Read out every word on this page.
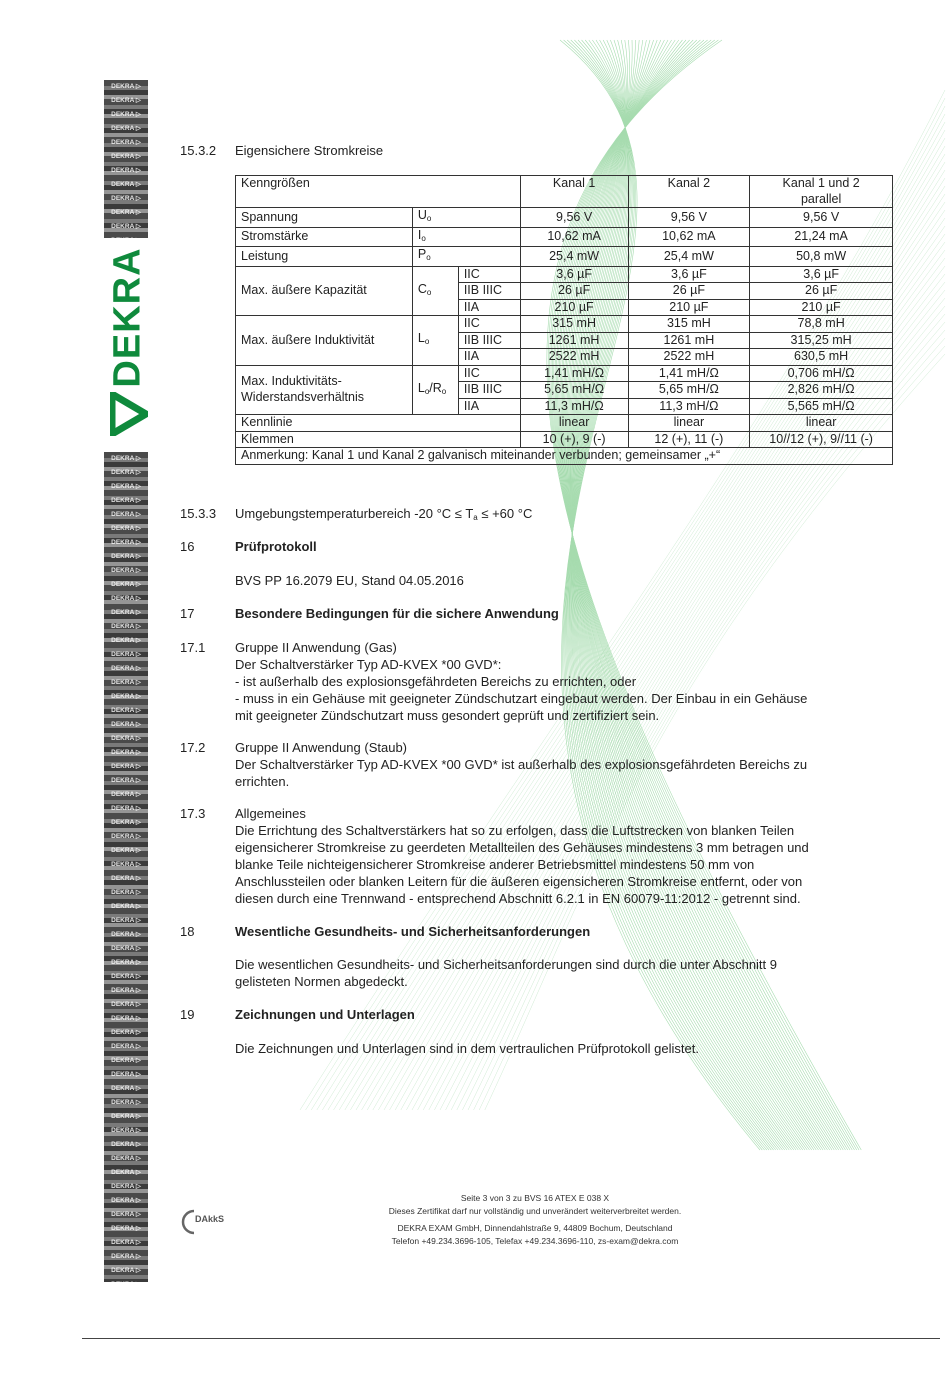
DEKRA ▷ DEKRA ▷ DEKRA ▷ DEKRA ▷ DEKRA ▷ DEKRA ▷ DEKRA ▷ DEKRA ▷ DEKRA ▷ DEKRA ▷ DEKRA ▷
DEKRA
DEKRA ▷ DEKRA ▷ DEKRA ▷ DEKRA ▷ DEKRA ▷ DEKRA ▷ DEKRA ▷ DEKRA ▷ DEKRA ▷ DEKRA ▷ DEKRA ▷ DEKRA ▷ DEKRA ▷ DEKRA ▷ DEKRA ▷ DEKRA ▷ DEKRA ▷ DEKRA ▷ DEKRA ▷ DEKRA ▷ DEKRA ▷ DEKRA ▷ DEKRA ▷ DEKRA ▷ DEKRA ▷ DEKRA ▷ DEKRA ▷ DEKRA ▷ DEKRA ▷ DEKRA ▷ DEKRA ▷ DEKRA ▷ DEKRA ▷ DEKRA ▷ DEKRA ▷ DEKRA ▷ DEKRA ▷ DEKRA ▷ DEKRA ▷ DEKRA ▷ DEKRA ▷ DEKRA ▷ DEKRA ▷ DEKRA ▷ DEKRA ▷ DEKRA ▷ DEKRA ▷ DEKRA ▷ DEKRA ▷ DEKRA ▷ DEKRA ▷ DEKRA ▷ DEKRA ▷ DEKRA ▷ DEKRA ▷ DEKRA ▷ DEKRA ▷ DEKRA ▷ DEKRA ▷
15.3.2 Eigensichere Stromkreise
Kenngrößen			Kanal 1	Kanal 2	Kanal 1 und 2
parallel
Spannung	$U_o$		9,56 V	9,56 V	9,56 V
Stromstärke	$I_o$		10,62 mA	10,62 mA	21,24 mA
Leistung	$P_o$		25,4 mW	25,4 mW	50,8 mW
Max. äußere Kapazität	$C_o$	IIC	3,6 µF	3,6 µF	3,6 µF
		IIB IIIC	26 µF	26 µF	26 µF
		IIA	210 µF	210 µF	210 µF
Max. äußere Induktivität	$L_o$	IIC	315 mH	315 mH	78,8 mH
		IIB IIIC	1261 mH	1261 mH	315,25 mH
		IIA	2522 mH	2522 mH	630,5 mH
Max. Induktivitäts-
Widerstandsverhältnis	$L_o/R_o$	IIC	1,41 mH/Ω	1,41 mH/Ω	0,706 mH/Ω
		IIB IIIC	5,65 mH/Ω	5,65 mH/Ω	2,826 mH/Ω
		IIA	11,3 mH/Ω	11,3 mH/Ω	5,565 mH/Ω
Kennlinie			linear	linear	linear
Klemmen			10 (+), 9 (-)	12 (+), 11 (-)	10//12 (+), 9//11 (-)
Anmerkung: Kanal 1 und Kanal 2 galvanisch miteinander verbunden; gemeinsamer „+“					
15.3.3 Umgebungstemperaturbereich -20 $^\circ C \le T_a \le +60$ °C
16	Prüfprotokoll
BVS PP 16.2079 EU, Stand 04.05.2016
17	Besondere Bedingungen für die sichere Anwendung
17.1 Gruppe II Anwendung (Gas)
Der Schaltverstärker Typ AD-KVEX *00 GVD*:
- ist außerhalb des explosionsgefährdeten Bereichs zu errichten, oder
- muss in ein Gehäuse mit geeigneter Zündschutzart eingebaut werden. Der Einbau in ein Gehäuse
mit geeigneter Zündschutzart muss gesondert geprüft und zertifiziert sein.
17.2 Gruppe II Anwendung (Staub)
Der Schaltverstärker Typ AD-KVEX *00 GVD* ist außerhalb des explosionsgefährdeten Bereichs zu
errichten.
17.3 Allgemeines
Die Errichtung des Schaltverstärkers hat so zu erfolgen, dass die Luftstrecken von blanken Teilen
eigensicherer Stromkreise zu geerdeten Metallteilen des Gehäuses mindestens 3 mm betragen und
blanke Teile nichteigensicherer Stromkreise anderer Betriebsmittel mindestens 50 mm von
Anschlussteilen oder blanken Leitern für die äußeren eigensicheren Stromkreise entfernt, oder von
diesen durch eine Trennwand - entsprechend Abschnitt 6.2.1 in EN 60079-11:2012 - getrennt sind.
18	Wesentliche Gesundheits- und Sicherheitsanforderungen
Die wesentlichen Gesundheits- und Sicherheitsanforderungen sind durch die unter Abschnitt 9
gelisteten Normen abgedeckt.
19	Zeichnungen und Unterlagen
Die Zeichnungen und Unterlagen sind in dem vertraulichen Prüfprotokoll gelistet.
DAkkS
Seite 3 von 3 zu BVS 16 ATEX E 038 X
Dieses Zertifikat darf nur vollständig und unverändert weiterverbreitet werden.
DEKRA EXAM GmbH, Dinnendahlstraße 9, 44809 Bochum, Deutschland
Telefon +49.234.3696-105, Telefax +49.234.3696-110, zs-exam@dekra.com
